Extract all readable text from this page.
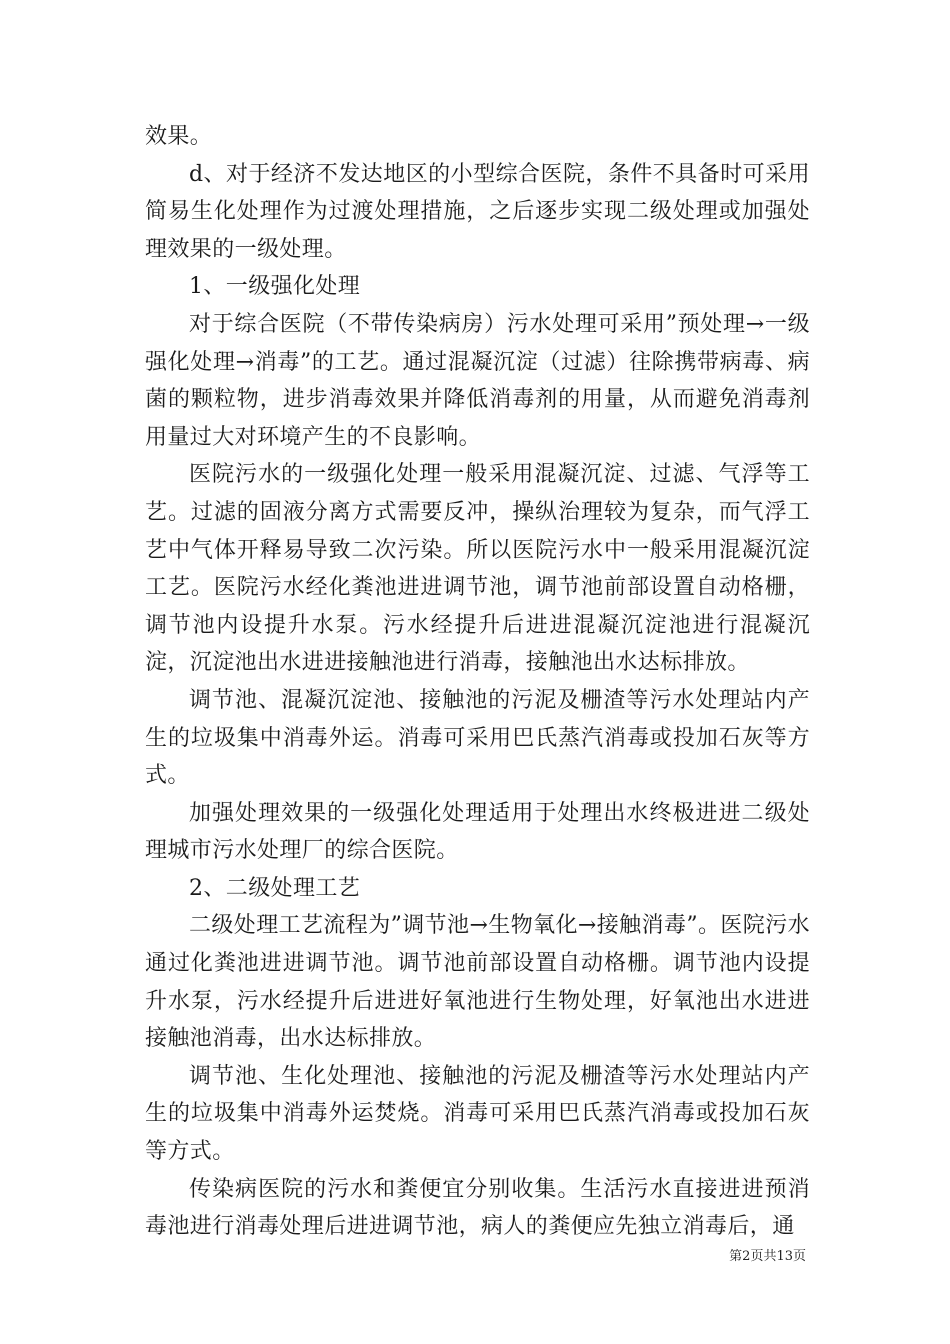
效果。

d、对于经济不发达地区的小型综合医院，条件不具备时可采用简易生化处理作为过渡处理措施，之后逐步实现二级处理或加强处理效果的一级处理。

1、一级强化处理

对于综合医院（不带传染病房）污水处理可采用”预处理→一级强化处理→消毒”的工艺。通过混凝沉淀（过滤）往除携带病毒、病菌的颗粒物，进步消毒效果并降低消毒剂的用量，从而避免消毒剂用量过大对环境产生的不良影响。

医院污水的一级强化处理一般采用混凝沉淀、过滤、气浮等工艺。过滤的固液分离方式需要反冲，操纵治理较为复杂，而气浮工艺中气体开释易导致二次污染。所以医院污水中一般采用混凝沉淀工艺。医院污水经化粪池进进调节池，调节池前部设置自动格栅，调节池内设提升水泵。污水经提升后进进混凝沉淀池进行混凝沉淀，沉淀池出水进进接触池进行消毒，接触池出水达标排放。

调节池、混凝沉淀池、接触池的污泥及栅渣等污水处理站内产生的垃圾集中消毒外运。消毒可采用巴氏蒸汽消毒或投加石灰等方式。

加强处理效果的一级强化处理适用于处理出水终极进进二级处理城市污水处理厂的综合医院。

2、二级处理工艺

二级处理工艺流程为”调节池→生物氧化→接触消毒”。医院污水通过化粪池进进调节池。调节池前部设置自动格栅。调节池内设提升水泵，污水经提升后进进好氧池进行生物处理，好氧池出水进进接触池消毒，出水达标排放。

调节池、生化处理池、接触池的污泥及栅渣等污水处理站内产生的垃圾集中消毒外运焚烧。消毒可采用巴氏蒸汽消毒或投加石灰等方式。

传染病医院的污水和粪便宜分别收集。生活污水直接进进预消毒池进行消毒处理后进进调节池，病人的粪便应先独立消毒后，通

第2页共13页
